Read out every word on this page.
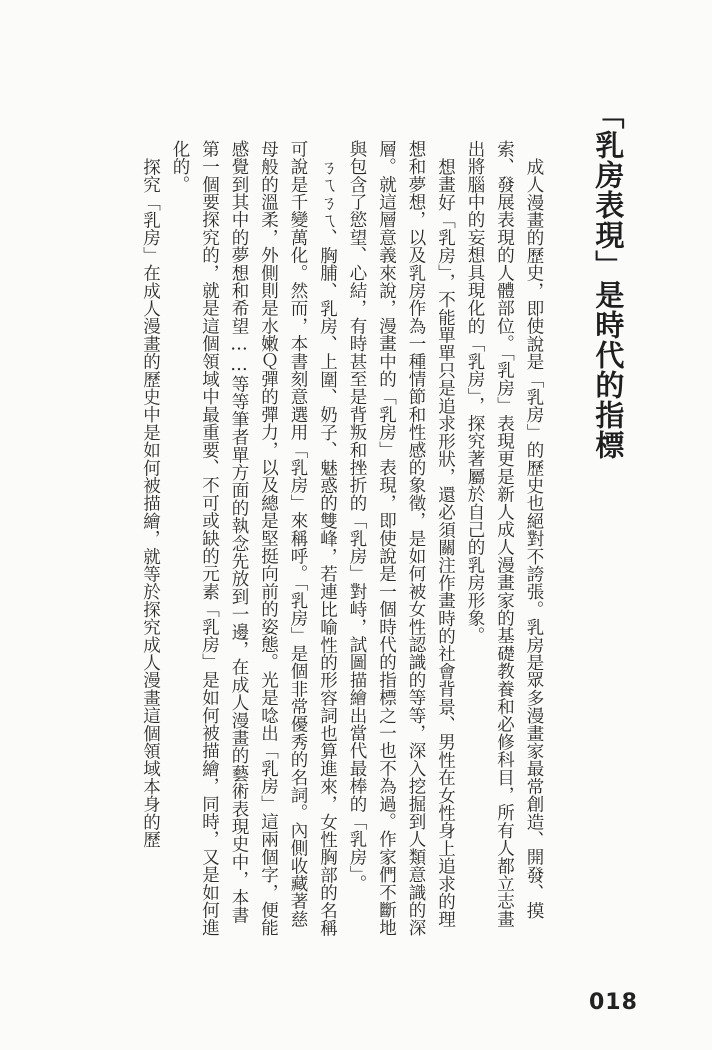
「乳房表現」是時代的指標

成人漫畫的歷史，即使說是「乳房」的歷史也絕對不誇張。乳房是眾多漫畫家最常創造、開發、摸索、發展表現的人體部位。「乳房」表現更是新人成人漫畫家的基礎教養和必修科目，所有人都立志畫出將腦中的妄想具現化的「乳房」，探究著屬於自己的乳房形象。

想畫好「乳房」，不能單單只是追求形狀，還必須關注作畫時的社會背景、男性在女性身上追求的理想和夢想，以及乳房作為一種情節和性感的象徵，是如何被女性認識的等等，深入挖掘到人類意識的深層。就這層意義來說，漫畫中的「乳房」表現，即使說是一個時代的指標之一也不為過。作家們不斷地與包含了慾望、心結，有時甚至是背叛和挫折的「乳房」對峙，試圖描繪出當代最棒的「乳房」。

ㄋㄟㄋㄟ、胸脯、乳房、上圍、奶子、魅惑的雙峰，若連比喻性的形容詞也算進來，女性胸部的名稱可說是千變萬化。然而，本書刻意選用「乳房」來稱呼。「乳房」是個非常優秀的名詞。內側收藏著慈母般的溫柔，外側則是水嫩Ｑ彈的彈力，以及總是堅挺向前的姿態。光是唸出「乳房」這兩個字，便能感覺到其中的夢想和希望……等等筆者單方面的執念先放到一邊，在成人漫畫的藝術表現史中，本書第一個要探究的，就是這個領域中最重要、不可或缺的元素「乳房」是如何被描繪，同時，又是如何進化的。

探究「乳房」在成人漫畫的歷史中是如何被描繪，就等於探究成人漫畫這個領域本身的歷

018
